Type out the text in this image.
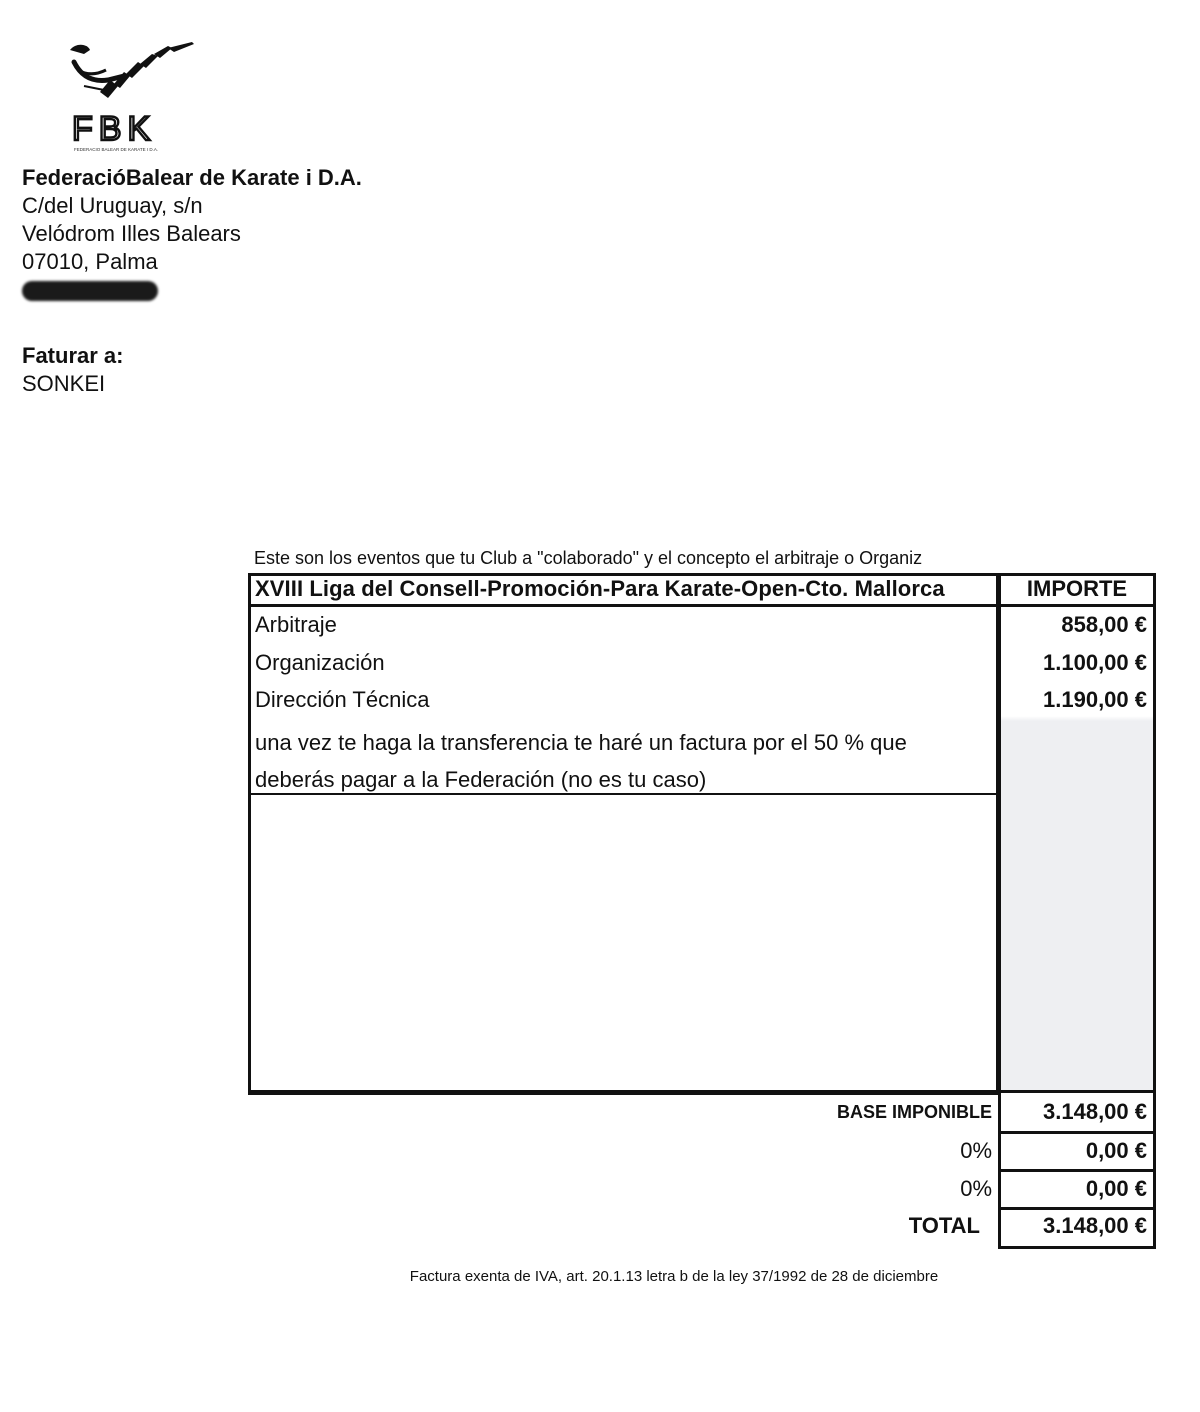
FBK
FEDERACIO BALEAR DE KARATE I D.A.
FederacióBalear de Karate i D.A.
C/del Uruguay, s/n
Velódrom Illes Balears
07010, Palma
Faturar a:
SONKEI
Este son los eventos que tu Club a "colaborado" y el concepto el arbitraje o Organiz
XVIII Liga del Consell-Promoción-Para Karate-Open-Cto. Mallorca	IMPORTE
Arbitraje	858,00 €
Organización	1.100,00 €
Dirección Técnica	1.190,00 €
una vez te haga la transferencia te haré un factura por el 50 % que
deberás pagar a la Federación (no es tu caso)
BASE IMPONIBLE	3.148,00 €
0%	0,00 €
0%	0,00 €
TOTAL	3.148,00 €
Factura exenta de IVA, art. 20.1.13 letra b de la ley 37/1992 de 28 de diciembre
